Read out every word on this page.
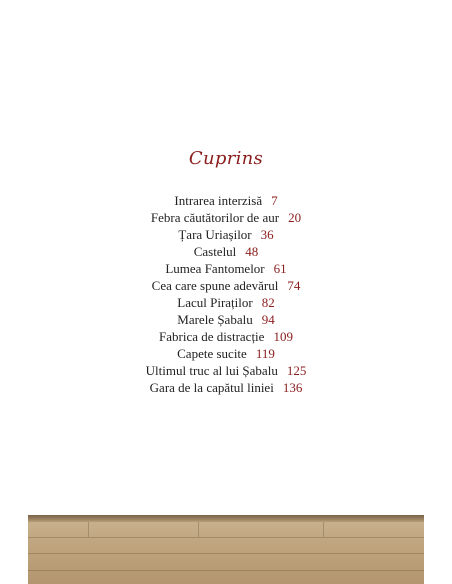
Cuprins
Intrarea interzisă 7
Febra căutătorilor de aur 20
Țara Uriașilor 36
Castelul 48
Lumea Fantomelor 61
Cea care spune adevărul 74
Lacul Piraților 82
Marele Șabalu 94
Fabrica de distracție 109
Capete sucite 119
Ultimul truc al lui Șabalu 125
Gara de la capătul liniei 136
